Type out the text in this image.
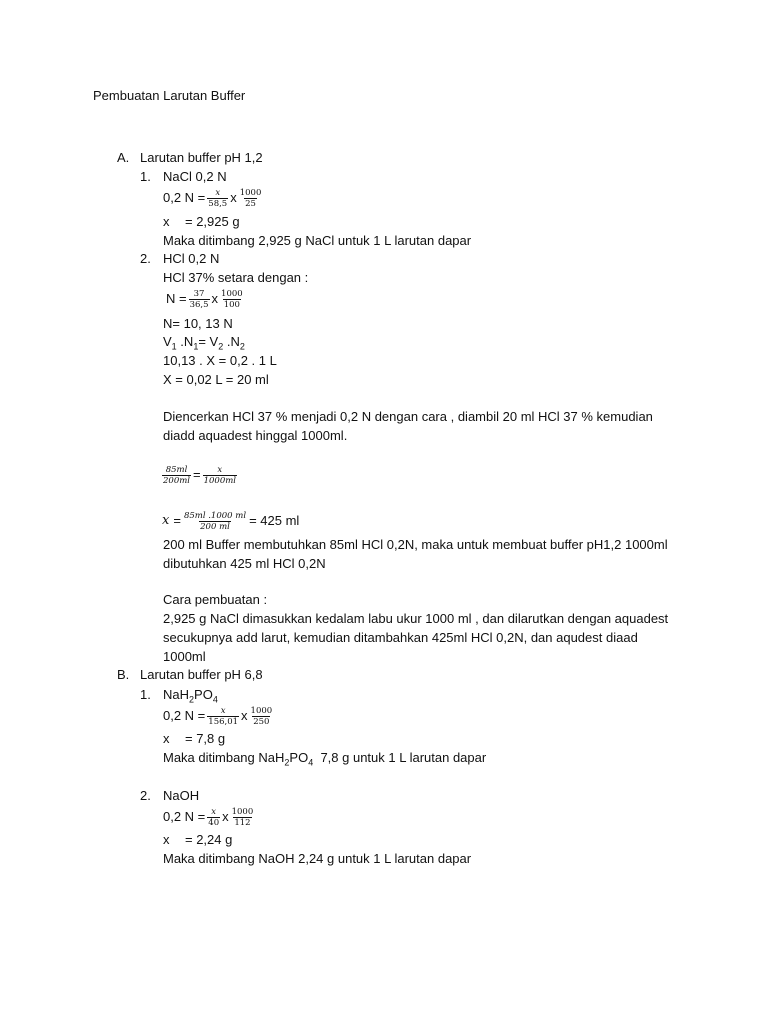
Pembuatan Larutan Buffer
A. Larutan buffer pH 1,2
1. NaCl 0,2 N
0,2 $N = \frac{x}{58,5}$ x $\frac{1000}{25}$
x = 2,925 g
Maka ditimbang 2,925 g NaCl untuk 1 L larutan dapar
2. HCl 0,2 N
HCl 37% setara dengan :
$N = \frac{37}{36,5}$ x $\frac{1000}{100}$
N= 10, 13 N
$V_1$ $.N_1= V_2$ $.N_2$
10,13 . X = 0,2 . 1 L
X = 0,02 L = 20 ml
Diencerkan HCl 37 % menjadi 0,2 N dengan cara , diambil 20 ml HCl 37 % kemudian
diadd aquadest hinggal 1000ml.
$\frac{85ml}{200ml} = \frac{x}{1000ml}$
$x = \frac{85ml .1000 ml}{200 ml} = 425$ ml
200 ml Buffer membutuhkan 85ml HCl 0,2N, maka untuk membuat buffer pH1,2 1000ml
dibutuhkan 425 ml HCl 0,2N
Cara pembuatan :
2,925 g NaCl dimasukkan kedalam labu ukur 1000 ml , dan dilarutkan dengan aquadest
secukupnya add larut, kemudian ditambahkan 425ml HCl 0,2N, dan aqudest diaad
1000ml
B. Larutan buffer pH 6,8
1. $NaH_2PO_4$
0,2 $N = \frac{x}{156,01}$ x $\frac{1000}{250}$
x = 7,8 g
Maka ditimbang $NaH_2PO_4$  7,8 g untuk 1 L larutan dapar
2. NaOH
0,2 $N = \frac{x}{40}$ x $\frac{1000}{112}$
x = 2,24 g
Maka ditimbang NaOH 2,24 g untuk 1 L larutan dapar
